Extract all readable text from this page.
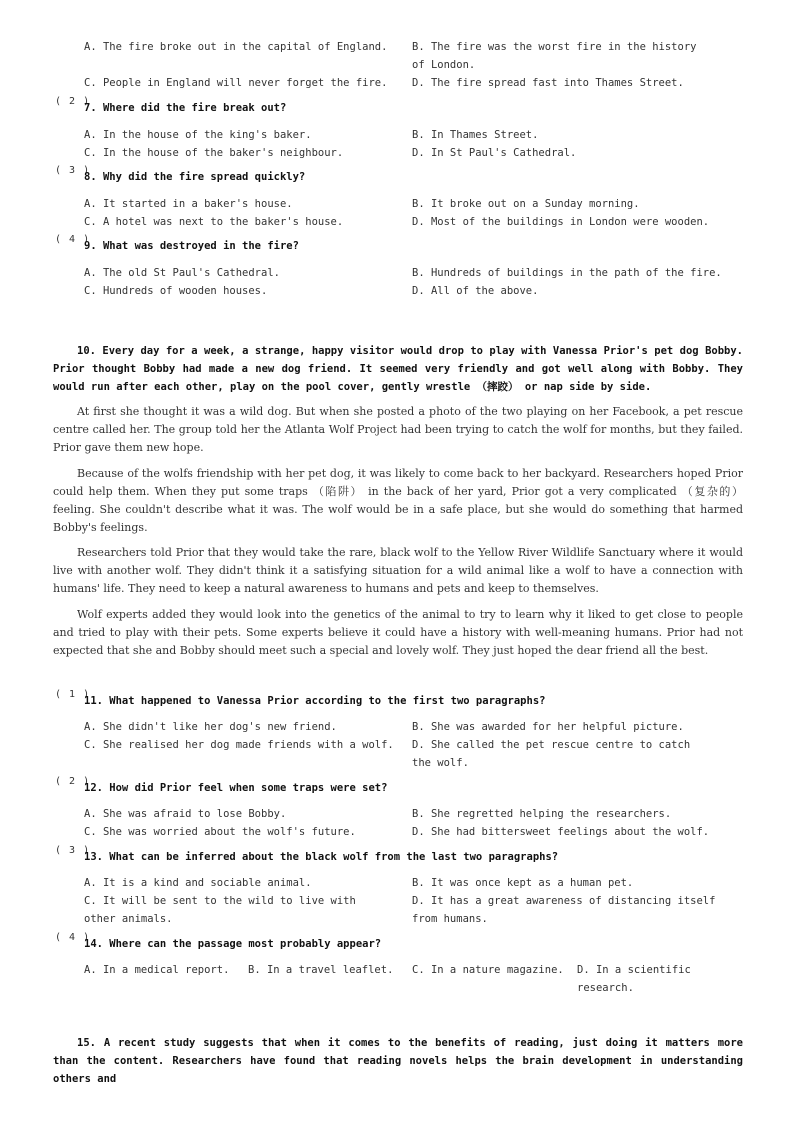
A. The fire broke out in the capital of England. B. The fire was the worst fire in the history of London.
C. People in England will never forget the fire. D. The fire spread fast into Thames Street.
( 2 )
7. Where did the fire break out?
A. In the house of the king's baker.	B. In Thames Street.
C. In the house of the baker's neighbour.	D. In St Paul's Cathedral.
( 3 )
8. Why did the fire spread quickly?
A. It started in a baker's house.	B. It broke out on a Sunday morning.
C. A hotel was next to the baker's house.	D. Most of the buildings in London were wooden.
( 4 )
9. What was destroyed in the fire?
A. The old St Paul's Cathedral.	B. Hundreds of buildings in the path of the fire.
C. Hundreds of wooden houses.	D. All of the above.
10. Every day for a week, a strange, happy visitor would drop to play with Vanessa Prior's pet dog Bobby. Prior thought Bobby had made a new dog friend. It seemed very friendly and got well along with Bobby. They would run after each other, play on the pool cover, gently wrestle （摔跤） or nap side by side.
At first she thought it was a wild dog. But when she posted a photo of the two playing on her Facebook, a pet rescue centre called her. The group told her the Atlanta Wolf Project had been trying to catch the wolf for months, but they failed. Prior gave them new hope.
Because of the wolfs friendship with her pet dog, it was likely to come back to her backyard. Researchers hoped Prior could help them. When they put some traps （陷阱） in the back of her yard, Prior got a very complicated （复杂的） feeling. She couldn't describe what it was. The wolf would be in a safe place, but she would do something that harmed Bobby's feelings.
Researchers told Prior that they would take the rare, black wolf to the Yellow River Wildlife Sanctuary where it would live with another wolf. They didn't think it a satisfying situation for a wild animal like a wolf to have a connection with humans' life. They need to keep a natural awareness to humans and pets and keep to themselves.
Wolf experts added they would look into the genetics of the animal to try to learn why it liked to get close to people and tried to play with their pets. Some experts believe it could have a history with well-meaning humans. Prior had not expected that she and Bobby should meet such a special and lovely wolf. They just hoped the dear friend all the best.
( 1 )
11. What happened to Vanessa Prior according to the first two paragraphs?
A. She didn't like her dog's new friend.	B. She was awarded for her helpful picture.
C. She realised her dog made friends with a wolf. D. She called the pet rescue centre to catch the wolf.
( 2 )
12. How did Prior feel when some traps were set?
A. She was afraid to lose Bobby.	B. She regretted helping the researchers.
C. She was worried about the wolf's future.	D. She had bittersweet feelings about the wolf.
( 3 )
13. What can be inferred about the black wolf from the last two paragraphs?
A. It is a kind and sociable animal.	B. It was once kept as a human pet.
C. It will be sent to the wild to live with other animals.
D. It has a great awareness of distancing itself from humans.
( 4 )
14. Where can the passage most probably appear?
A. In a medical report. B. In a travel leaflet. C. In a nature magazine. D. In a scientific research.
15. A recent study suggests that when it comes to the benefits of reading, just doing it matters more than the content. Researchers have found that reading novels helps the brain development in understanding others and
